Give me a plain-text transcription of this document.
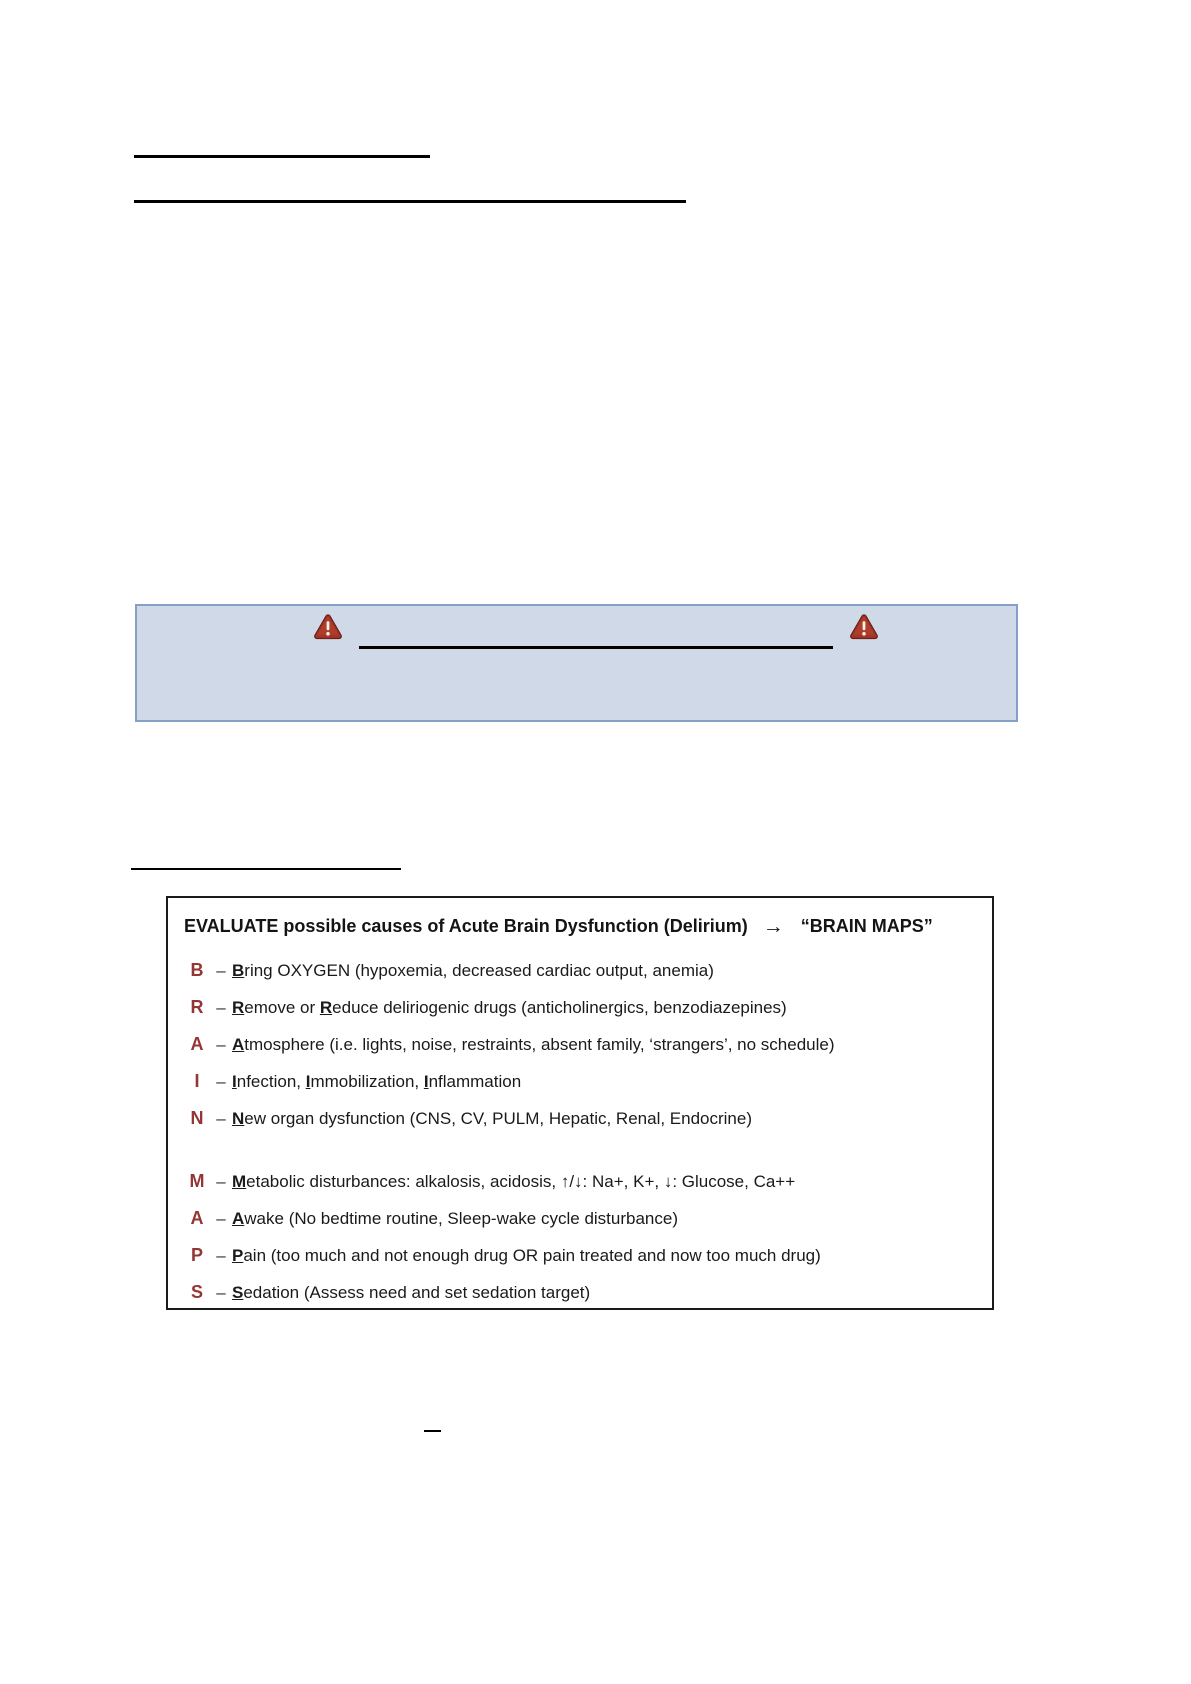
EVALUATE possible causes of Acute Brain Dysfunction (Delirium) → “BRAIN MAPS”
B – Bring OXYGEN (hypoxemia, decreased cardiac output, anemia)
R – Remove or Reduce deliriogenic drugs (anticholinergics, benzodiazepines)
A – Atmosphere (i.e. lights, noise, restraints, absent family, ‘strangers’, no schedule)
I – Infection, Immobilization, Inflammation
N – New organ dysfunction (CNS, CV, PULM, Hepatic, Renal, Endocrine)
M – Metabolic disturbances: alkalosis, acidosis, ↑/↓: Na+, K+, ↓: Glucose, Ca++
A – Awake (No bedtime routine, Sleep-wake cycle disturbance)
P – Pain (too much and not enough drug OR pain treated and now too much drug)
S – Sedation (Assess need and set sedation target)
